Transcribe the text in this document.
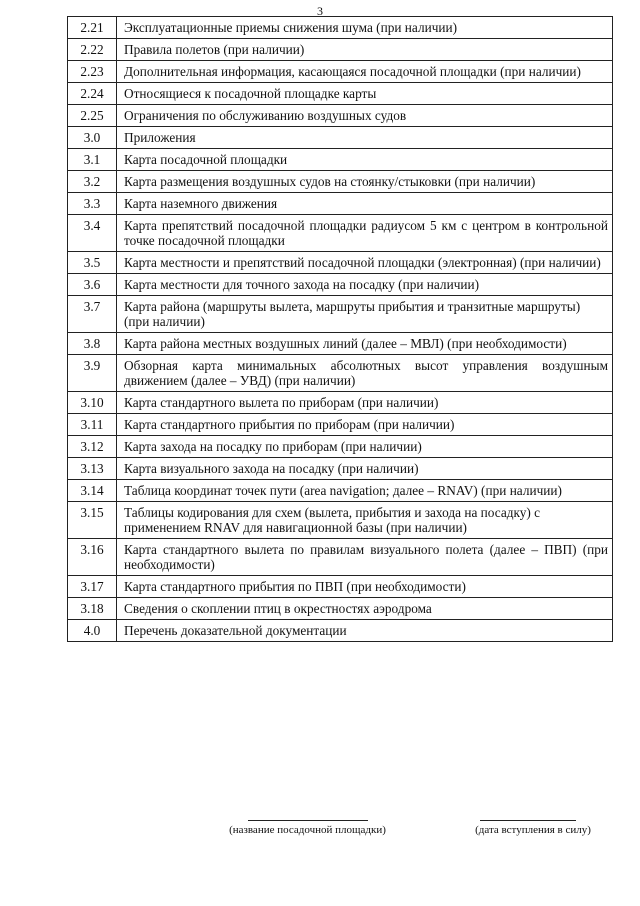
3
2.21	Эксплуатационные приемы снижения шума (при наличии)
2.22	Правила полетов (при наличии)
2.23	Дополнительная информация, касающаяся посадочной площадки (при наличии)
2.24	Относящиеся к посадочной площадке карты
2.25	Ограничения по обслуживанию воздушных судов
3.0	Приложения
3.1	Карта посадочной площадки
3.2	Карта размещения воздушных судов на стоянку/стыковки (при наличии)
3.3	Карта наземного движения
3.4	Карта препятствий посадочной площадки радиусом 5 км с центром в контрольной точке посадочной площадки
3.5	Карта местности и препятствий посадочной площадки (электронная) (при наличии)
3.6	Карта местности для точного захода на посадку (при наличии)
3.7	Карта района (маршруты вылета, маршруты прибытия и транзитные маршруты) (при наличии)
3.8	Карта района местных воздушных линий (далее – МВЛ) (при необходимости)
3.9	Обзорная карта минимальных абсолютных высот управления воздушным движением (далее – УВД) (при наличии)
3.10	Карта стандартного вылета по приборам (при наличии)
3.11	Карта стандартного прибытия по приборам (при наличии)
3.12	Карта захода на посадку по приборам (при наличии)
3.13	Карта визуального захода на посадку (при наличии)
3.14	Таблица координат точек пути (area navigation; далее – RNAV) (при наличии)
3.15	Таблицы кодирования для схем (вылета, прибытия и захода на посадку) с применением RNAV для навигационной базы (при наличии)
3.16	Карта стандартного вылета по правилам визуального полета (далее – ПВП) (при необходимости)
3.17	Карта стандартного прибытия по ПВП (при необходимости)
3.18	Сведения о скоплении птиц в окрестностях аэродрома
4.0	Перечень доказательной документации
(название посадочной площадки)	(дата вступления в силу)
